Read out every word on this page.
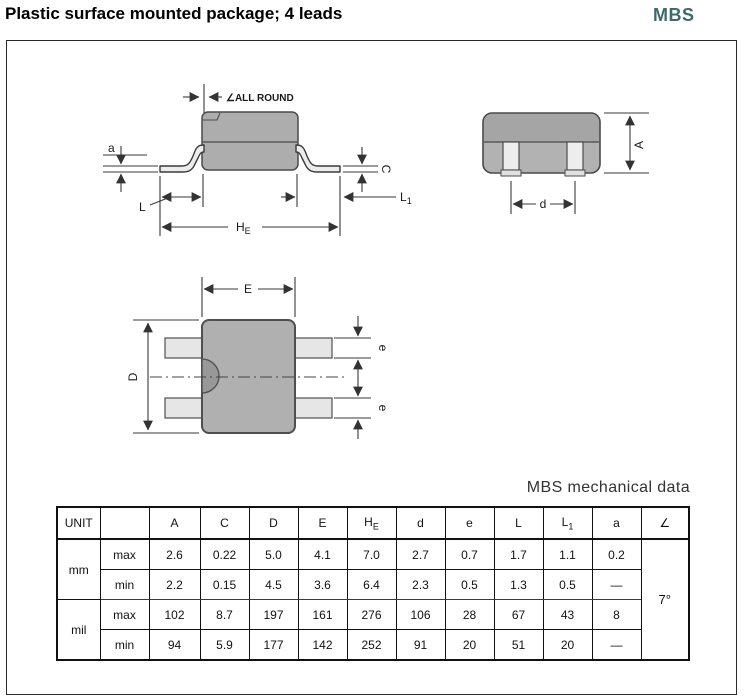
Plastic surface mounted package; 4 leads	MBS
∠ALL ROUND
a
L
$H_E$
$L_1$
C
A
d
E
D
e
e
MBS mechanical data
UNIT		A	C	D	E	$H_E$	d	e	L	$L_1$	a	∠
mm	max	2.6	0.22	5.0	4.1	7.0	2.7	0.7	1.7	1.1	0.2	7°
	min	2.2	0.15	4.5	3.6	6.4	2.3	0.5	1.3	0.5	—	
mil	max	102	8.7	197	161	276	106	28	67	43	8	
	min	94	5.9	177	142	252	91	20	51	20	—	
